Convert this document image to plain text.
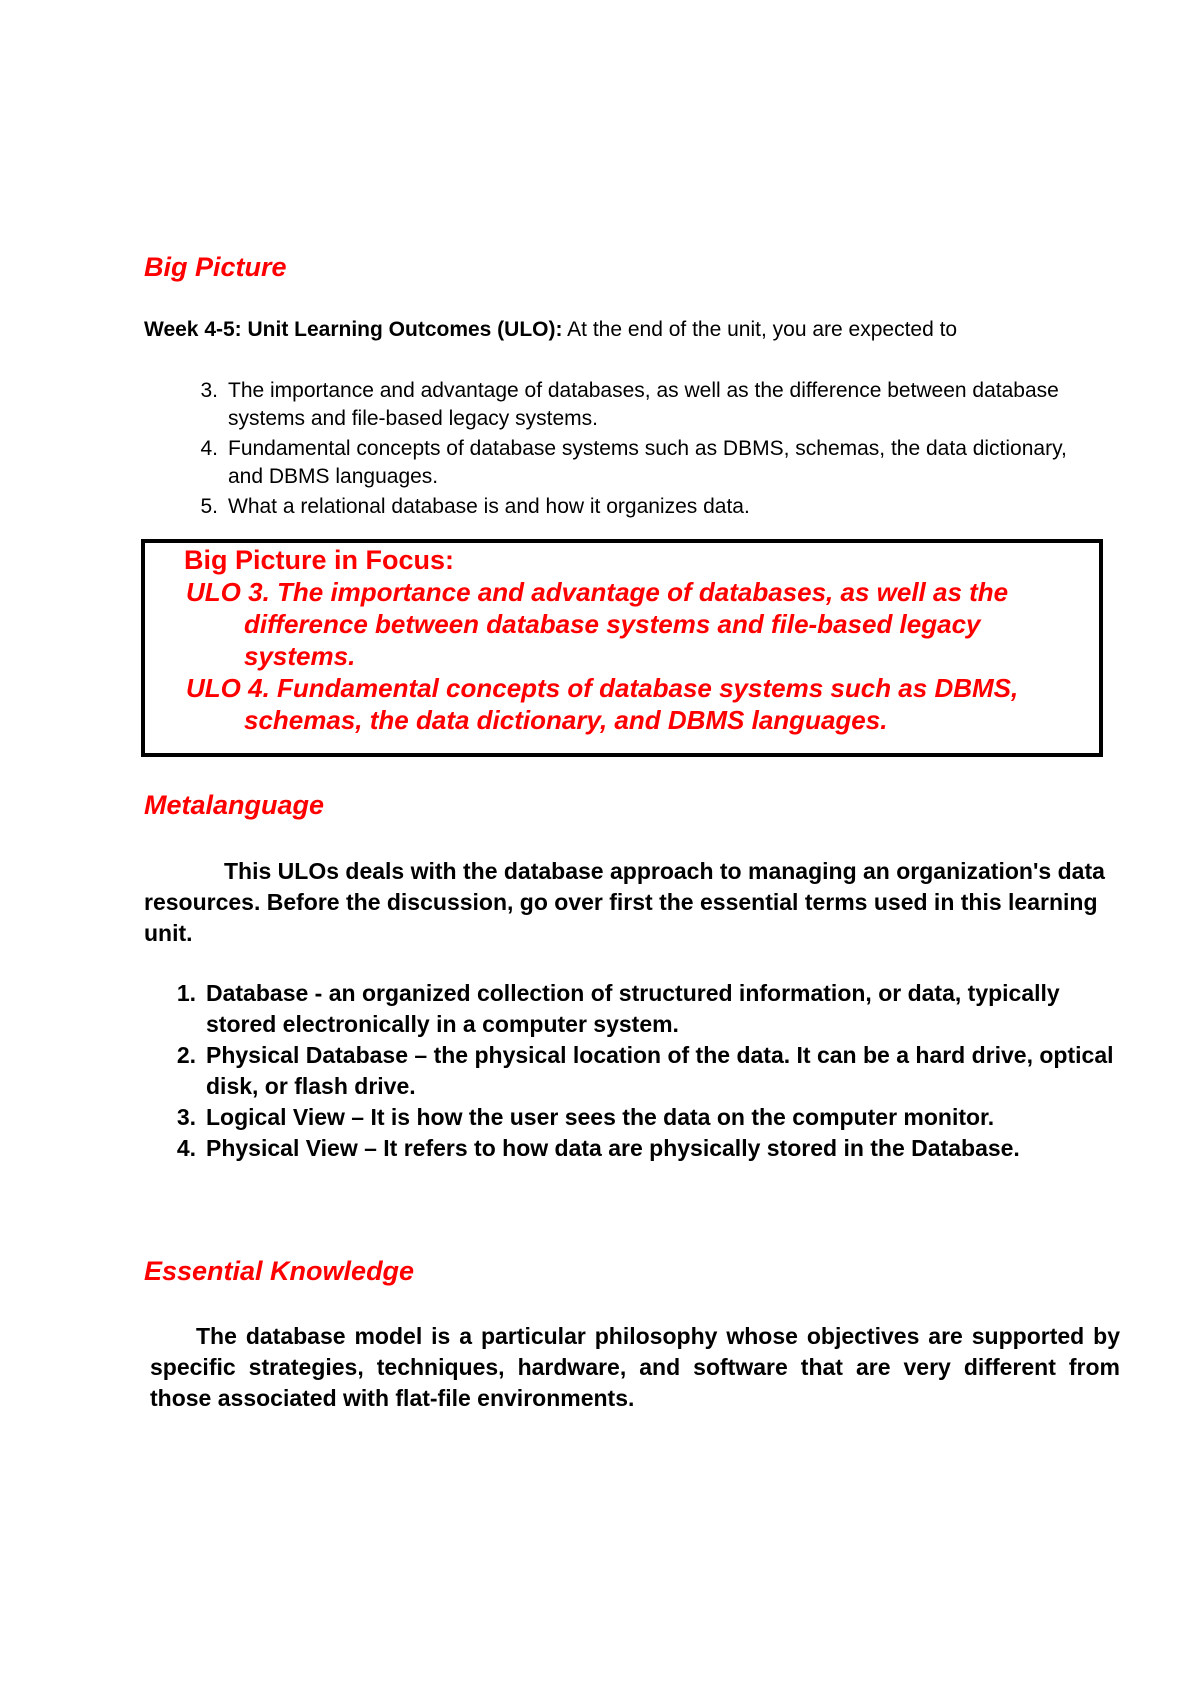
Big Picture

Week 4-5: Unit Learning Outcomes (ULO): At the end of the unit, you are expected to

3. The importance and advantage of databases, as well as the difference between database systems and file-based legacy systems.
4. Fundamental concepts of database systems such as DBMS, schemas, the data dictionary, and DBMS languages.
5. What a relational database is and how it organizes data.
Big Picture in Focus:

ULO 3. The importance and advantage of databases, as well as the difference between database systems and file-based legacy systems.

ULO 4. Fundamental concepts of database systems such as DBMS, schemas, the data dictionary, and DBMS languages.

Metalanguage

This ULOs deals with the database approach to managing an organization's data resources. Before the discussion, go over first the essential terms used in this learning unit.

1. Database - an organized collection of structured information, or data, typically stored electronically in a computer system.
2. Physical Database – the physical location of the data. It can be a hard drive, optical disk, or flash drive.
3. Logical View – It is how the user sees the data on the computer monitor.
4. Physical View – It refers to how data are physically stored in the Database.
Essential Knowledge

The database model is a particular philosophy whose objectives are supported by specific strategies, techniques, hardware, and software that are very different from those associated with flat-file environments.
